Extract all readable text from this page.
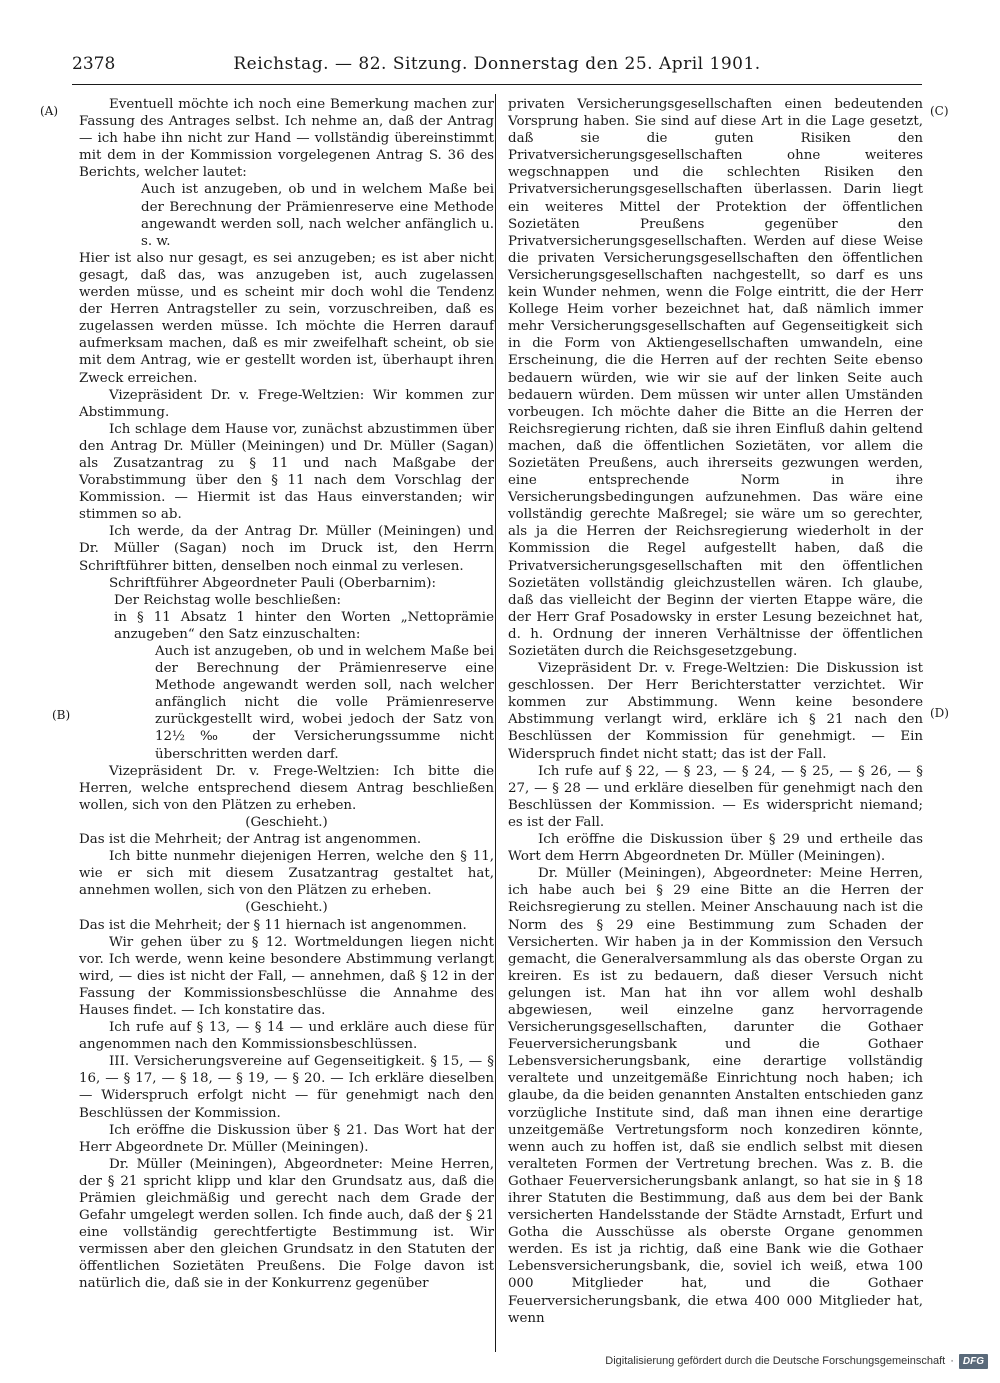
2378	Reichstag. — 82. Sitzung. Donnerstag den 25. April 1901.
(A)
(B)
(C)
(D)

Eventuell möchte ich noch eine Bemerkung machen zur Fassung des Antrages selbst. Ich nehme an, daß der Antrag — ich habe ihn nicht zur Hand — vollständig übereinstimmt mit dem in der Kommission vorgelegenen Antrag S. 36 des Berichts, welcher lautet:

Auch ist anzugeben, ob und in welchem Maße bei der Berechnung der Prämienreserve eine Methode angewandt werden soll, nach welcher anfänglich u. s. w.

Hier ist also nur gesagt, es sei anzugeben; es ist aber nicht gesagt, daß das, was anzugeben ist, auch zugelassen werden müsse, und es scheint mir doch wohl die Tendenz der Herren Antragsteller zu sein, vorzuschreiben, daß es zugelassen werden müsse. Ich möchte die Herren darauf aufmerksam machen, daß es mir zweifelhaft scheint, ob sie mit dem Antrag, wie er gestellt worden ist, überhaupt ihren Zweck erreichen.

Vizepräsident Dr. v. Frege-Weltzien: Wir kommen zur Abstimmung.

Ich schlage dem Hause vor, zunächst abzustimmen über den Antrag Dr. Müller (Meiningen) und Dr. Müller (Sagan) als Zusatzantrag zu § 11 und nach Maßgabe der Vorabstimmung über den § 11 nach dem Vorschlag der Kommission. — Hiermit ist das Haus einverstanden; wir stimmen so ab.

Ich werde, da der Antrag Dr. Müller (Meiningen) und Dr. Müller (Sagan) noch im Druck ist, den Herrn Schriftführer bitten, denselben noch einmal zu verlesen.

Schriftführer Abgeordneter Pauli (Oberbarnim):

Der Reichstag wolle beschließen:

in § 11 Absatz 1 hinter den Worten „Nettoprämie anzugeben“ den Satz einzuschalten:

Auch ist anzugeben, ob und in welchem Maße bei der Berechnung der Prämienreserve eine Methode angewandt werden soll, nach welcher anfänglich nicht die volle Prämienreserve zurückgestellt wird, wobei jedoch der Satz von 12½‰ der Versicherungssumme nicht überschritten werden darf.

Vizepräsident Dr. v. Frege-Weltzien: Ich bitte die Herren, welche entsprechend diesem Antrag beschließen wollen, sich von den Plätzen zu erheben.

(Geschieht.)

Das ist die Mehrheit; der Antrag ist angenommen.

Ich bitte nunmehr diejenigen Herren, welche den § 11, wie er sich mit diesem Zusatzantrag gestaltet hat, annehmen wollen, sich von den Plätzen zu erheben.

(Geschieht.)

Das ist die Mehrheit; der § 11 hiernach ist angenommen.

Wir gehen über zu § 12. Wortmeldungen liegen nicht vor. Ich werde, wenn keine besondere Abstimmung verlangt wird, — dies ist nicht der Fall, — annehmen, daß § 12 in der Fassung der Kommissionsbeschlüsse die Annahme des Hauses findet. — Ich konstatire das.

Ich rufe auf § 13, — § 14 — und erkläre auch diese für angenommen nach den Kommissionsbeschlüssen.

III. Versicherungsvereine auf Gegenseitigkeit. § 15, — § 16, — § 17, — § 18, — § 19, — § 20. — Ich erkläre dieselben — Widerspruch erfolgt nicht — für genehmigt nach den Beschlüssen der Kommission.

Ich eröffne die Diskussion über § 21. Das Wort hat der Herr Abgeordnete Dr. Müller (Meiningen).

Dr. Müller (Meiningen), Abgeordneter: Meine Herren, der § 21 spricht klipp und klar den Grundsatz aus, daß die Prämien gleichmäßig und gerecht nach dem Grade der Gefahr umgelegt werden sollen. Ich finde auch, daß der § 21 eine vollständig gerechtfertigte Bestimmung ist. Wir vermissen aber den gleichen Grundsatz in den Statuten der öffentlichen Sozietäten Preußens. Die Folge davon ist natürlich die, daß sie in der Konkurrenz gegenüber

privaten Versicherungsgesellschaften einen bedeutenden Vorsprung haben. Sie sind auf diese Art in die Lage gesetzt, daß sie die guten Risiken den Privatversicherungsgesellschaften ohne weiteres wegschnappen und die schlechten Risiken den Privatversicherungsgesellschaften überlassen. Darin liegt ein weiteres Mittel der Protektion der öffentlichen Sozietäten Preußens gegenüber den Privatversicherungsgesellschaften. Werden auf diese Weise die privaten Versicherungsgesellschaften den öffentlichen Versicherungsgesellschaften nachgestellt, so darf es uns kein Wunder nehmen, wenn die Folge eintritt, die der Herr Kollege Heim vorher bezeichnet hat, daß nämlich immer mehr Versicherungsgesellschaften auf Gegenseitigkeit sich in die Form von Aktiengesellschaften umwandeln, eine Erscheinung, die die Herren auf der rechten Seite ebenso bedauern würden, wie wir sie auf der linken Seite auch bedauern würden. Dem müssen wir unter allen Umständen vorbeugen. Ich möchte daher die Bitte an die Herren der Reichsregierung richten, daß sie ihren Einfluß dahin geltend machen, daß die öffentlichen Sozietäten, vor allem die Sozietäten Preußens, auch ihrerseits gezwungen werden, eine entsprechende Norm in ihre Versicherungsbedingungen aufzunehmen. Das wäre eine vollständig gerechte Maßregel; sie wäre um so gerechter, als ja die Herren der Reichsregierung wiederholt in der Kommission die Regel aufgestellt haben, daß die Privatversicherungsgesellschaften mit den öffentlichen Sozietäten vollständig gleichzustellen wären. Ich glaube, daß das vielleicht der Beginn der vierten Etappe wäre, die der Herr Graf Posadowsky in erster Lesung bezeichnet hat, d. h. Ordnung der inneren Verhältnisse der öffentlichen Sozietäten durch die Reichsgesetzgebung.

Vizepräsident Dr. v. Frege-Weltzien: Die Diskussion ist geschlossen. Der Herr Berichterstatter verzichtet. Wir kommen zur Abstimmung. Wenn keine besondere Abstimmung verlangt wird, erkläre ich § 21 nach den Beschlüssen der Kommission für genehmigt. — Ein Widerspruch findet nicht statt; das ist der Fall.

Ich rufe auf § 22, — § 23, — § 24, — § 25, — § 26, — § 27, — § 28 — und erkläre dieselben für genehmigt nach den Beschlüssen der Kommission. — Es widerspricht niemand; es ist der Fall.

Ich eröffne die Diskussion über § 29 und ertheile das Wort dem Herrn Abgeordneten Dr. Müller (Meiningen).

Dr. Müller (Meiningen), Abgeordneter: Meine Herren, ich habe auch bei § 29 eine Bitte an die Herren der Reichsregierung zu stellen. Meiner Anschauung nach ist die Norm des § 29 eine Bestimmung zum Schaden der Versicherten. Wir haben ja in der Kommission den Versuch gemacht, die Generalversammlung als das oberste Organ zu kreiren. Es ist zu bedauern, daß dieser Versuch nicht gelungen ist. Man hat ihn vor allem wohl deshalb abgewiesen, weil einzelne ganz hervorragende Versicherungsgesellschaften, darunter die Gothaer Feuerversicherungsbank und die Gothaer Lebensversicherungsbank, eine derartige vollständig veraltete und unzeitgemäße Einrichtung noch haben; ich glaube, da die beiden genannten Anstalten entschieden ganz vorzügliche Institute sind, daß man ihnen eine derartige unzeitgemäße Vertretungsform noch konzediren könnte, wenn auch zu hoffen ist, daß sie endlich selbst mit diesen veralteten Formen der Vertretung brechen. Was z. B. die Gothaer Feuerversicherungsbank anlangt, so hat sie in § 18 ihrer Statuten die Bestimmung, daß aus dem bei der Bank versicherten Handelsstande der Städte Arnstadt, Erfurt und Gotha die Ausschüsse als oberste Organe genommen werden. Es ist ja richtig, daß eine Bank wie die Gothaer Lebensversicherungsbank, die, soviel ich weiß, etwa 100 000 Mitglieder hat, und die Gothaer Feuerversicherungsbank, die etwa 400 000 Mitglieder hat, wenn

Digitalisierung gefördert durch die Deutsche Forschungsgemeinschaft · DFG
